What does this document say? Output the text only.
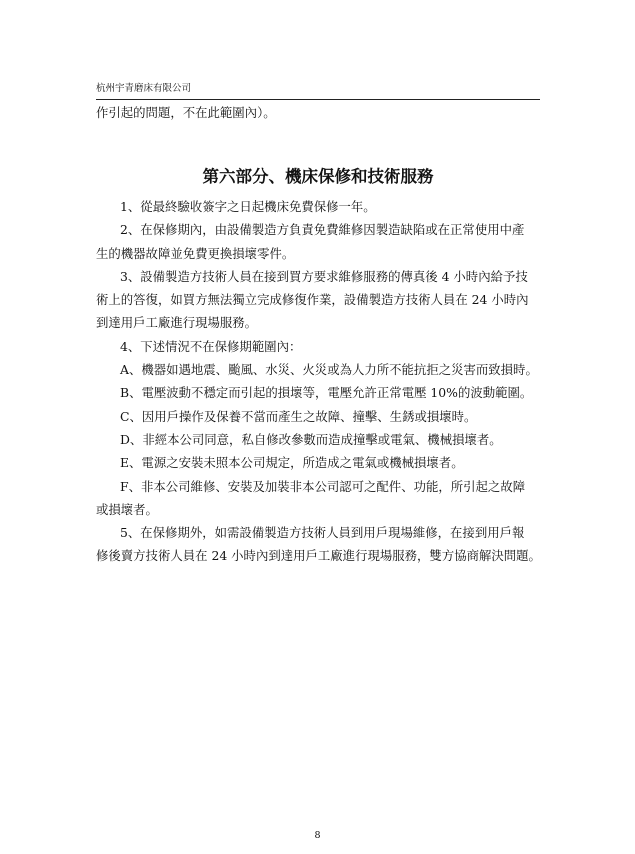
杭州宇青磨床有限公司
作引起的問題，不在此範圍內）。
第六部分、機床保修和技術服務
1、從最終驗收簽字之日起機床免費保修一年。
2、在保修期內，由設備製造方負責免費維修因製造缺陷或在正常使用中產
生的機器故障並免費更換損壞零件。
3、設備製造方技術人員在接到買方要求維修服務的傳真後 4 小時內給予技
術上的答復，如買方無法獨立完成修復作業，設備製造方技術人員在 24 小時內
到達用戶工廠進行現場服務。
4、下述情況不在保修期範圍內：
A、機器如遇地震、颱風、水災、火災或為人力所不能抗拒之災害而致損時。
B、電壓波動不穩定而引起的損壞等，電壓允許正常電壓 10%的波動範圍。
C、因用戶操作及保養不當而產生之故障、撞擊、生銹或損壞時。
D、非經本公司同意，私自修改參數而造成撞擊或電氣、機械損壞者。
E、電源之安裝未照本公司規定，所造成之電氣或機械損壞者。
F、非本公司維修、安裝及加裝非本公司認可之配件、功能，所引起之故障
或損壞者。
5、在保修期外，如需設備製造方技術人員到用戶現場維修，在接到用戶報
修後賣方技術人員在 24 小時內到達用戶工廠進行現場服務，雙方協商解決問題。
8
